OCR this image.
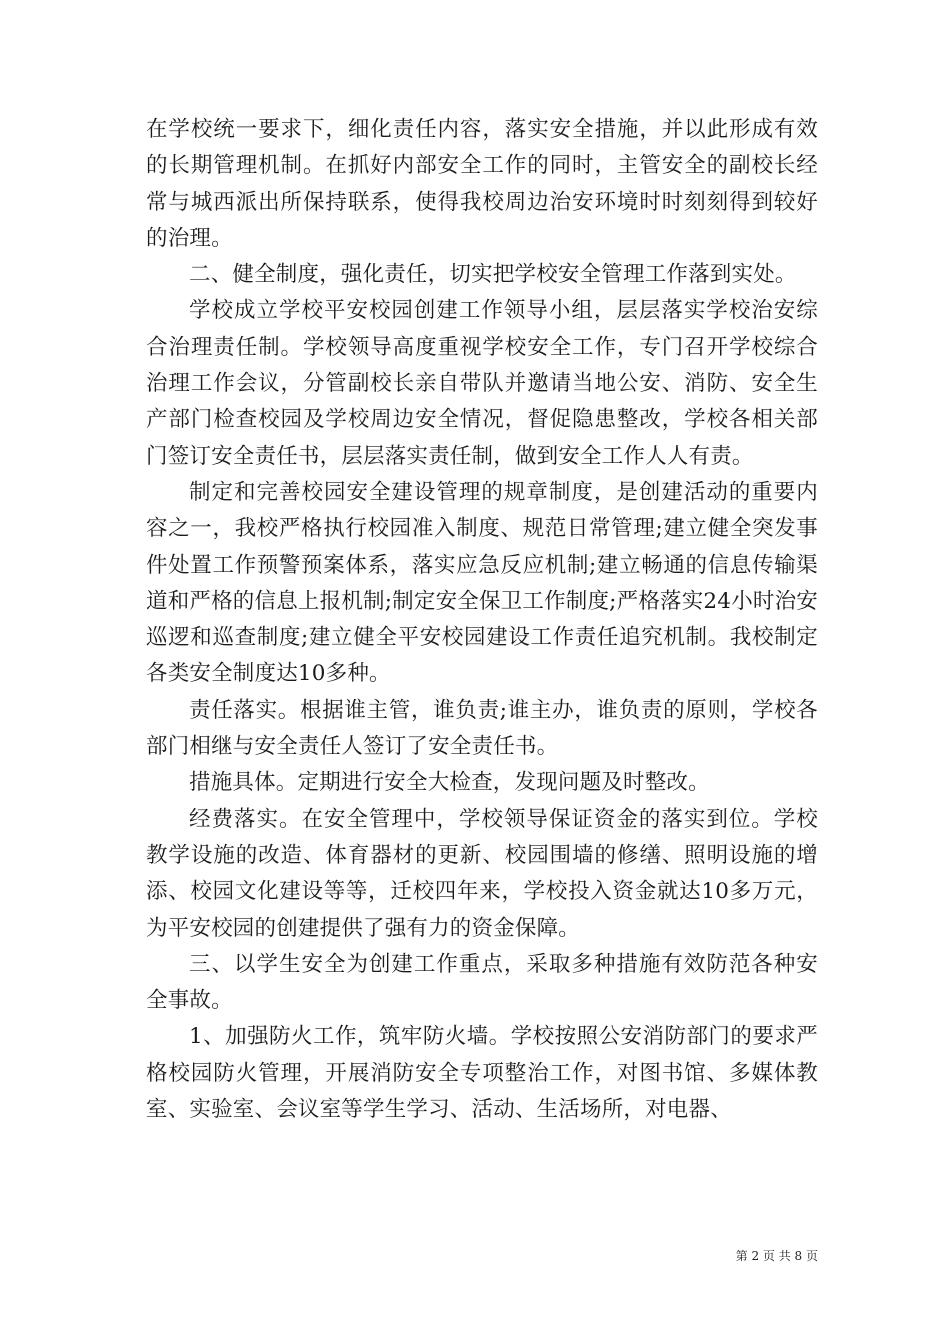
在学校统一要求下，细化责任内容，落实安全措施，并以此形成有效的长期管理机制。在抓好内部安全工作的同时，主管安全的副校长经常与城西派出所保持联系，使得我校周边治安环境时时刻刻得到较好的治理。

二、健全制度，强化责任，切实把学校安全管理工作落到实处。

学校成立学校平安校园创建工作领导小组，层层落实学校治安综合治理责任制。学校领导高度重视学校安全工作，专门召开学校综合治理工作会议，分管副校长亲自带队并邀请当地公安、消防、安全生产部门检查校园及学校周边安全情况，督促隐患整改，学校各相关部门签订安全责任书，层层落实责任制，做到安全工作人人有责。

制定和完善校园安全建设管理的规章制度，是创建活动的重要内容之一，我校严格执行校园准入制度、规范日常管理;建立健全突发事件处置工作预警预案体系，落实应急反应机制;建立畅通的信息传输渠道和严格的信息上报机制;制定安全保卫工作制度;严格落实24小时治安巡逻和巡查制度;建立健全平安校园建设工作责任追究机制。我校制定各类安全制度达10多种。

责任落实。根据谁主管，谁负责;谁主办，谁负责的原则，学校各部门相继与安全责任人签订了安全责任书。

措施具体。定期进行安全大检查，发现问题及时整改。

经费落实。在安全管理中，学校领导保证资金的落实到位。学校教学设施的改造、体育器材的更新、校园围墙的修缮、照明设施的增添、校园文化建设等等，迁校四年来，学校投入资金就达10多万元，为平安校园的创建提供了强有力的资金保障。

三、以学生安全为创建工作重点，采取多种措施有效防范各种安全事故。

1、加强防火工作，筑牢防火墙。学校按照公安消防部门的要求严格校园防火管理，开展消防安全专项整治工作，对图书馆、多媒体教室、实验室、会议室等学生学习、活动、生活场所，对电器、

第 2 页 共 8 页
